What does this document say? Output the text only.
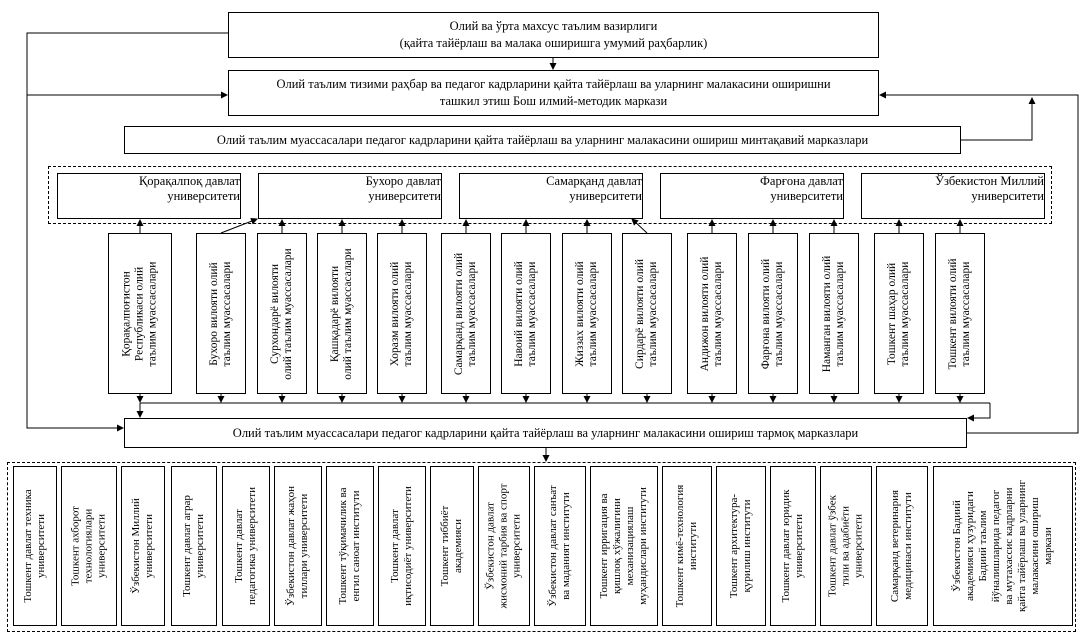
Олий ва ўрта махсус таълим вазирлиги
(қайта тайёрлаш ва малака оширишга умумий раҳбарлик)
Олий таълим тизими раҳбар ва педагог кадрларини қайта тайёрлаш ва уларнинг малакасини оширишни
ташкил этиш Бош илмий-методик маркази
Олий таълим муассасалари педагог кадрларини қайта тайёрлаш ва уларнинг малакасини ошириш минтақавий марказлари
Қорақалпоқ давлат
университети
Бухоро давлат
университети
Самарқанд давлат
университети
Фарғона давлат
университети
Ўзбекистон Миллий
университети
Қорақалпоғистон
Республикаси олий
таълим муассасалари
Бухоро вилояти олий
таълим муассасалари
Сурхондарё вилояти
олий таълим муассасалари
Қашқадарё вилояти
олий таълим муассасалари
Хоразм вилояти олий
таълим муассасалари
Самарқанд вилояти олий
таълим муассасалари
Навоий вилояти олий
таълим муассасалари
Жиззах вилояти олий
таълим муассасалари
Сирдарё вилояти олий
таълим муассасалари
Андижон вилояти олий
таълим муассасалари
Фарғона вилояти олий
таълим муассасалари
Наманган вилояти олий
таълим муассасалари
Тошкент шаҳар олий
таълим муассасалари
Тошкент вилояти олий
таълим муассасалари
Олий таълим муассасалари педагог кадрларини қайта тайёрлаш ва уларнинг малакасини ошириш тармоқ марказлари
Тошкент давлат техника
университети Тошкент ахборот
технологиялари
университети Ўзбекистон Миллий
университети Тошкент давлат аграр
университети Тошкент давлат
педагогика университети
Ўзбекистон давлат жаҳон
тиллари университети
Тошкент тўқимачилик ва
енгил саноат институти
Тошкент давлат
иқтисодиёт университети
Тошкент тиббиёт
академияси Ўзбекистон давлат
жисмоний тарбия ва спорт
университети
Ўзбекистон давлат санъат
ва маданият институти
Тошкент ирригация ва
қишлоқ хўжалигини
механизациялаш
муҳандислари институти
Тошкент кимё-технология
институти
Тошкент архитектура-
қурилиш институти
Тошкент давлат юридик
университети Тошкент давлат ўзбек
тили ва адабиёти
университети Самарқанд ветеринария
медицинаси институти
Ўзбекистон Бадиий
академияси ҳузуридаги
Бадиий таълим
йўналишларида педагог
ва мутахассис кадрларни
қайта тайёрлаш ва уларнинг
малакасини ошириш
маркази
